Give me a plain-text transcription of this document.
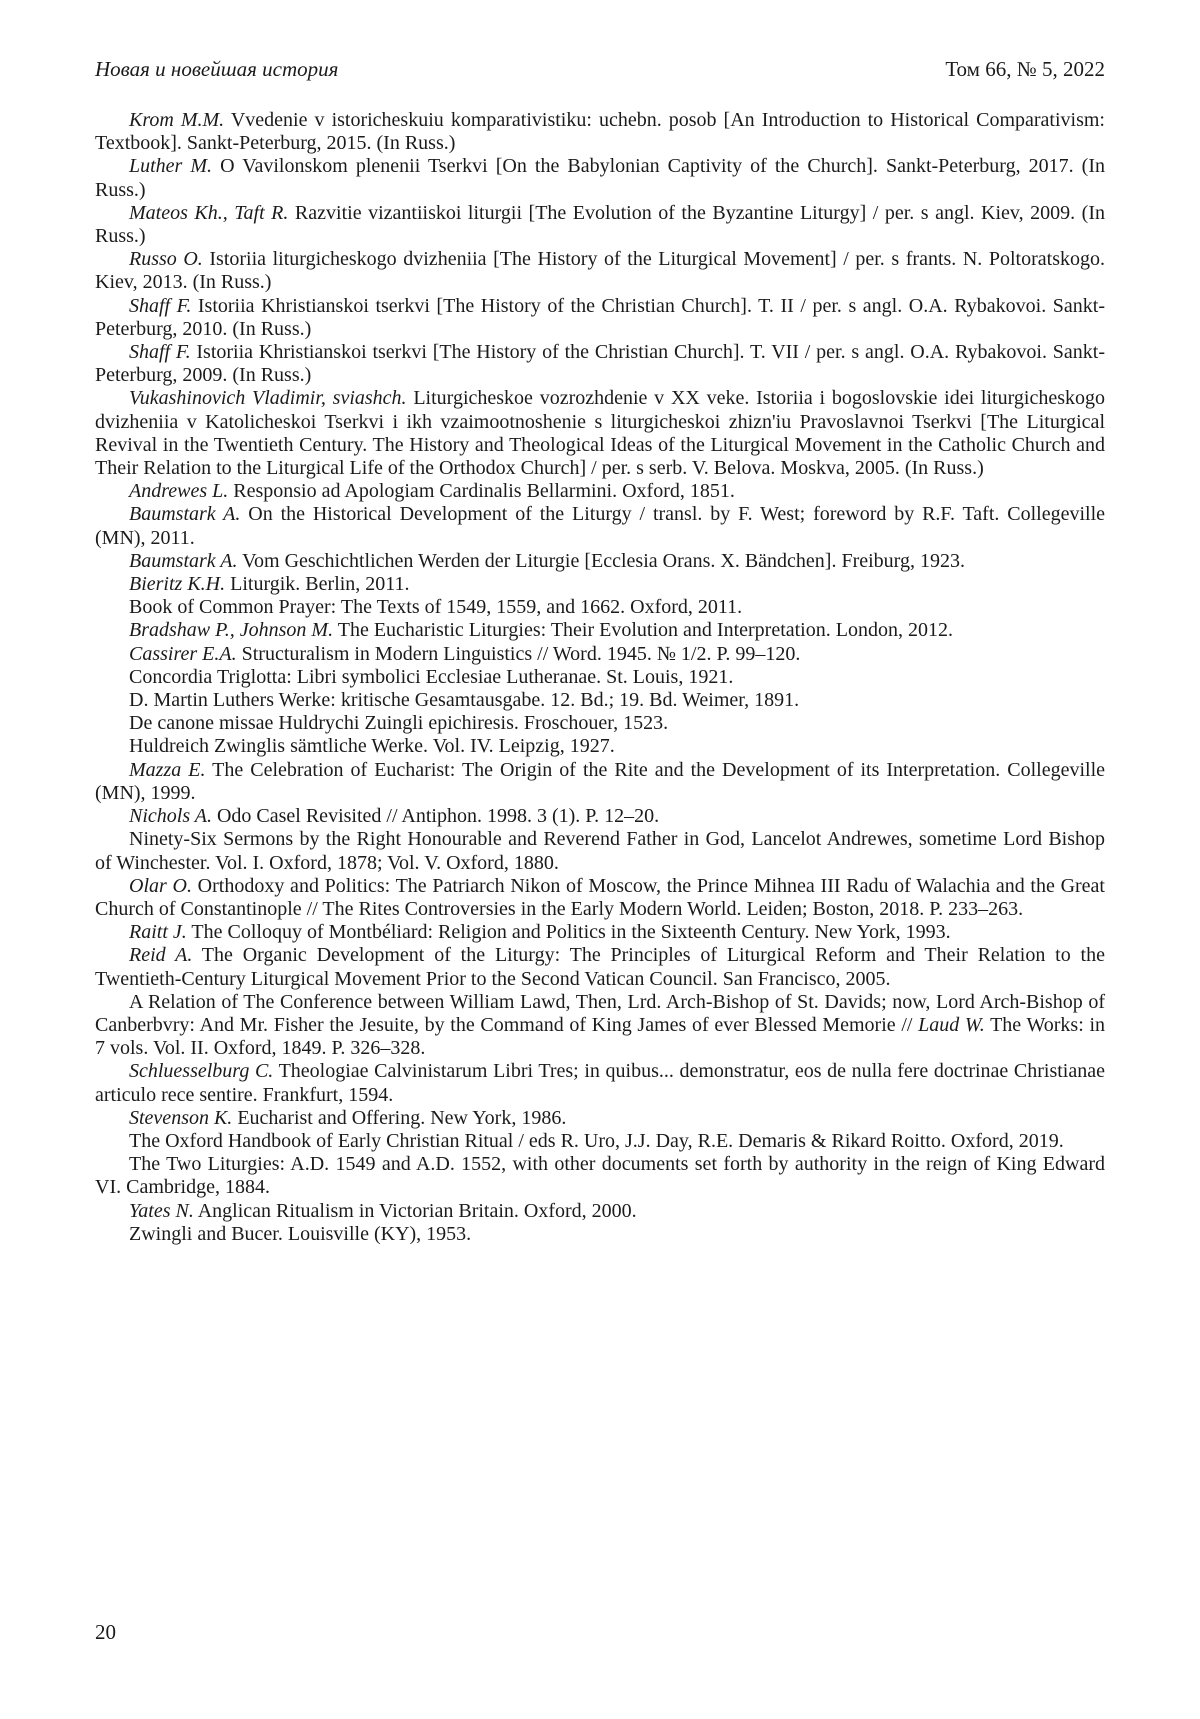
Новая и новейшая история	Том 66, № 5, 2022

Krom M.M. Vvedenie v istoricheskuiu komparativistiku: uchebn. posob [An Introduction to Historical Comparativism: Textbook]. Sankt-Peterburg, 2015. (In Russ.)

Luther M. O Vavilonskom plenenii Tserkvi [On the Babylonian Captivity of the Church]. Sankt-Peterburg, 2017. (In Russ.)

Mateos Kh., Taft R. Razvitie vizantiiskoi liturgii [The Evolution of the Byzantine Liturgy] / per. s angl. Kiev, 2009. (In Russ.)

Russo O. Istoriia liturgicheskogo dvizheniia [The History of the Liturgical Movement] / per. s frants. N. Poltoratskogo. Kiev, 2013. (In Russ.)

Shaff F. Istoriia Khristianskoi tserkvi [The History of the Christian Church]. T. II / per. s angl. O.A. Rybakovoi. Sankt-Peterburg, 2010. (In Russ.)

Shaff F. Istoriia Khristianskoi tserkvi [The History of the Christian Church]. T. VII / per. s angl. O.A. Rybakovoi. Sankt-Peterburg, 2009. (In Russ.)

Vukashinovich Vladimir, sviashch. Liturgicheskoe vozrozhdenie v XX veke. Istoriia i bogoslovskie idei liturgicheskogo dvizheniia v Katolicheskoi Tserkvi i ikh vzaimootnoshenie s liturgicheskoi zhizn'iu Pravoslavnoi Tserkvi [The Liturgical Revival in the Twentieth Century. The History and Theological Ideas of the Liturgical Movement in the Catholic Church and Their Relation to the Liturgical Life of the Orthodox Church] / per. s serb. V. Belova. Moskva, 2005. (In Russ.)

Andrewes L. Responsio ad Apologiam Cardinalis Bellarmini. Oxford, 1851.

Baumstark A. On the Historical Development of the Liturgy / transl. by F. West; foreword by R.F. Taft. Collegeville (MN), 2011.

Baumstark A. Vom Geschichtlichen Werden der Liturgie [Ecclesia Orans. X. Bändchen]. Freiburg, 1923.

Bieritz K.H. Liturgik. Berlin, 2011.

Book of Common Prayer: The Texts of 1549, 1559, and 1662. Oxford, 2011.

Bradshaw P., Johnson M. The Eucharistic Liturgies: Their Evolution and Interpretation. London, 2012.

Cassirer E.A. Structuralism in Modern Linguistics // Word. 1945. № 1/2. P. 99–120.

Concordia Triglotta: Libri symbolici Ecclesiae Lutheranae. St. Louis, 1921.

D. Martin Luthers Werke: kritische Gesamtausgabe. 12. Bd.; 19. Bd. Weimer, 1891.

De canone missae Huldrychi Zuingli epichiresis. Froschouer, 1523.

Huldreich Zwinglis sämtliche Werke. Vol. IV. Leipzig, 1927.

Mazza E. The Celebration of Eucharist: The Origin of the Rite and the Development of its Interpretation. Collegeville (MN), 1999.

Nichols A. Odo Casel Revisited // Antiphon. 1998. 3 (1). P. 12–20.

Ninety-Six Sermons by the Right Honourable and Reverend Father in God, Lancelot Andrewes, sometime Lord Bishop of Winchester. Vol. I. Oxford, 1878; Vol. V. Oxford, 1880.

Olar O. Orthodoxy and Politics: The Patriarch Nikon of Moscow, the Prince Mihnea III Radu of Walachia and the Great Church of Constantinople // The Rites Controversies in the Early Modern World. Leiden; Boston, 2018. P. 233–263.

Raitt J. The Colloquy of Montbéliard: Religion and Politics in the Sixteenth Century. New York, 1993.

Reid A. The Organic Development of the Liturgy: The Principles of Liturgical Reform and Their Relation to the Twentieth-Century Liturgical Movement Prior to the Second Vatican Council. San Francisco, 2005.

A Relation of The Conference between William Lawd, Then, Lrd. Arch-Bishop of St. Davids; now, Lord Arch-Bishop of Canberbvry: And Mr. Fisher the Jesuite, by the Command of King James of ever Blessed Memorie // Laud W. The Works: in 7 vols. Vol. II. Oxford, 1849. P. 326–328.

Schluesselburg C. Theologiae Calvinistarum Libri Tres; in quibus... demonstratur, eos de nulla fere doctrinae Christianae articulo rece sentire. Frankfurt, 1594.

Stevenson K. Eucharist and Offering. New York, 1986.

The Oxford Handbook of Early Christian Ritual / eds R. Uro, J.J. Day, R.E. Demaris & Rikard Roitto. Oxford, 2019.

The Two Liturgies: A.D. 1549 and A.D. 1552, with other documents set forth by authority in the reign of King Edward VI. Cambridge, 1884.

Yates N. Anglican Ritualism in Victorian Britain. Oxford, 2000.

Zwingli and Bucer. Louisville (KY), 1953.

20
